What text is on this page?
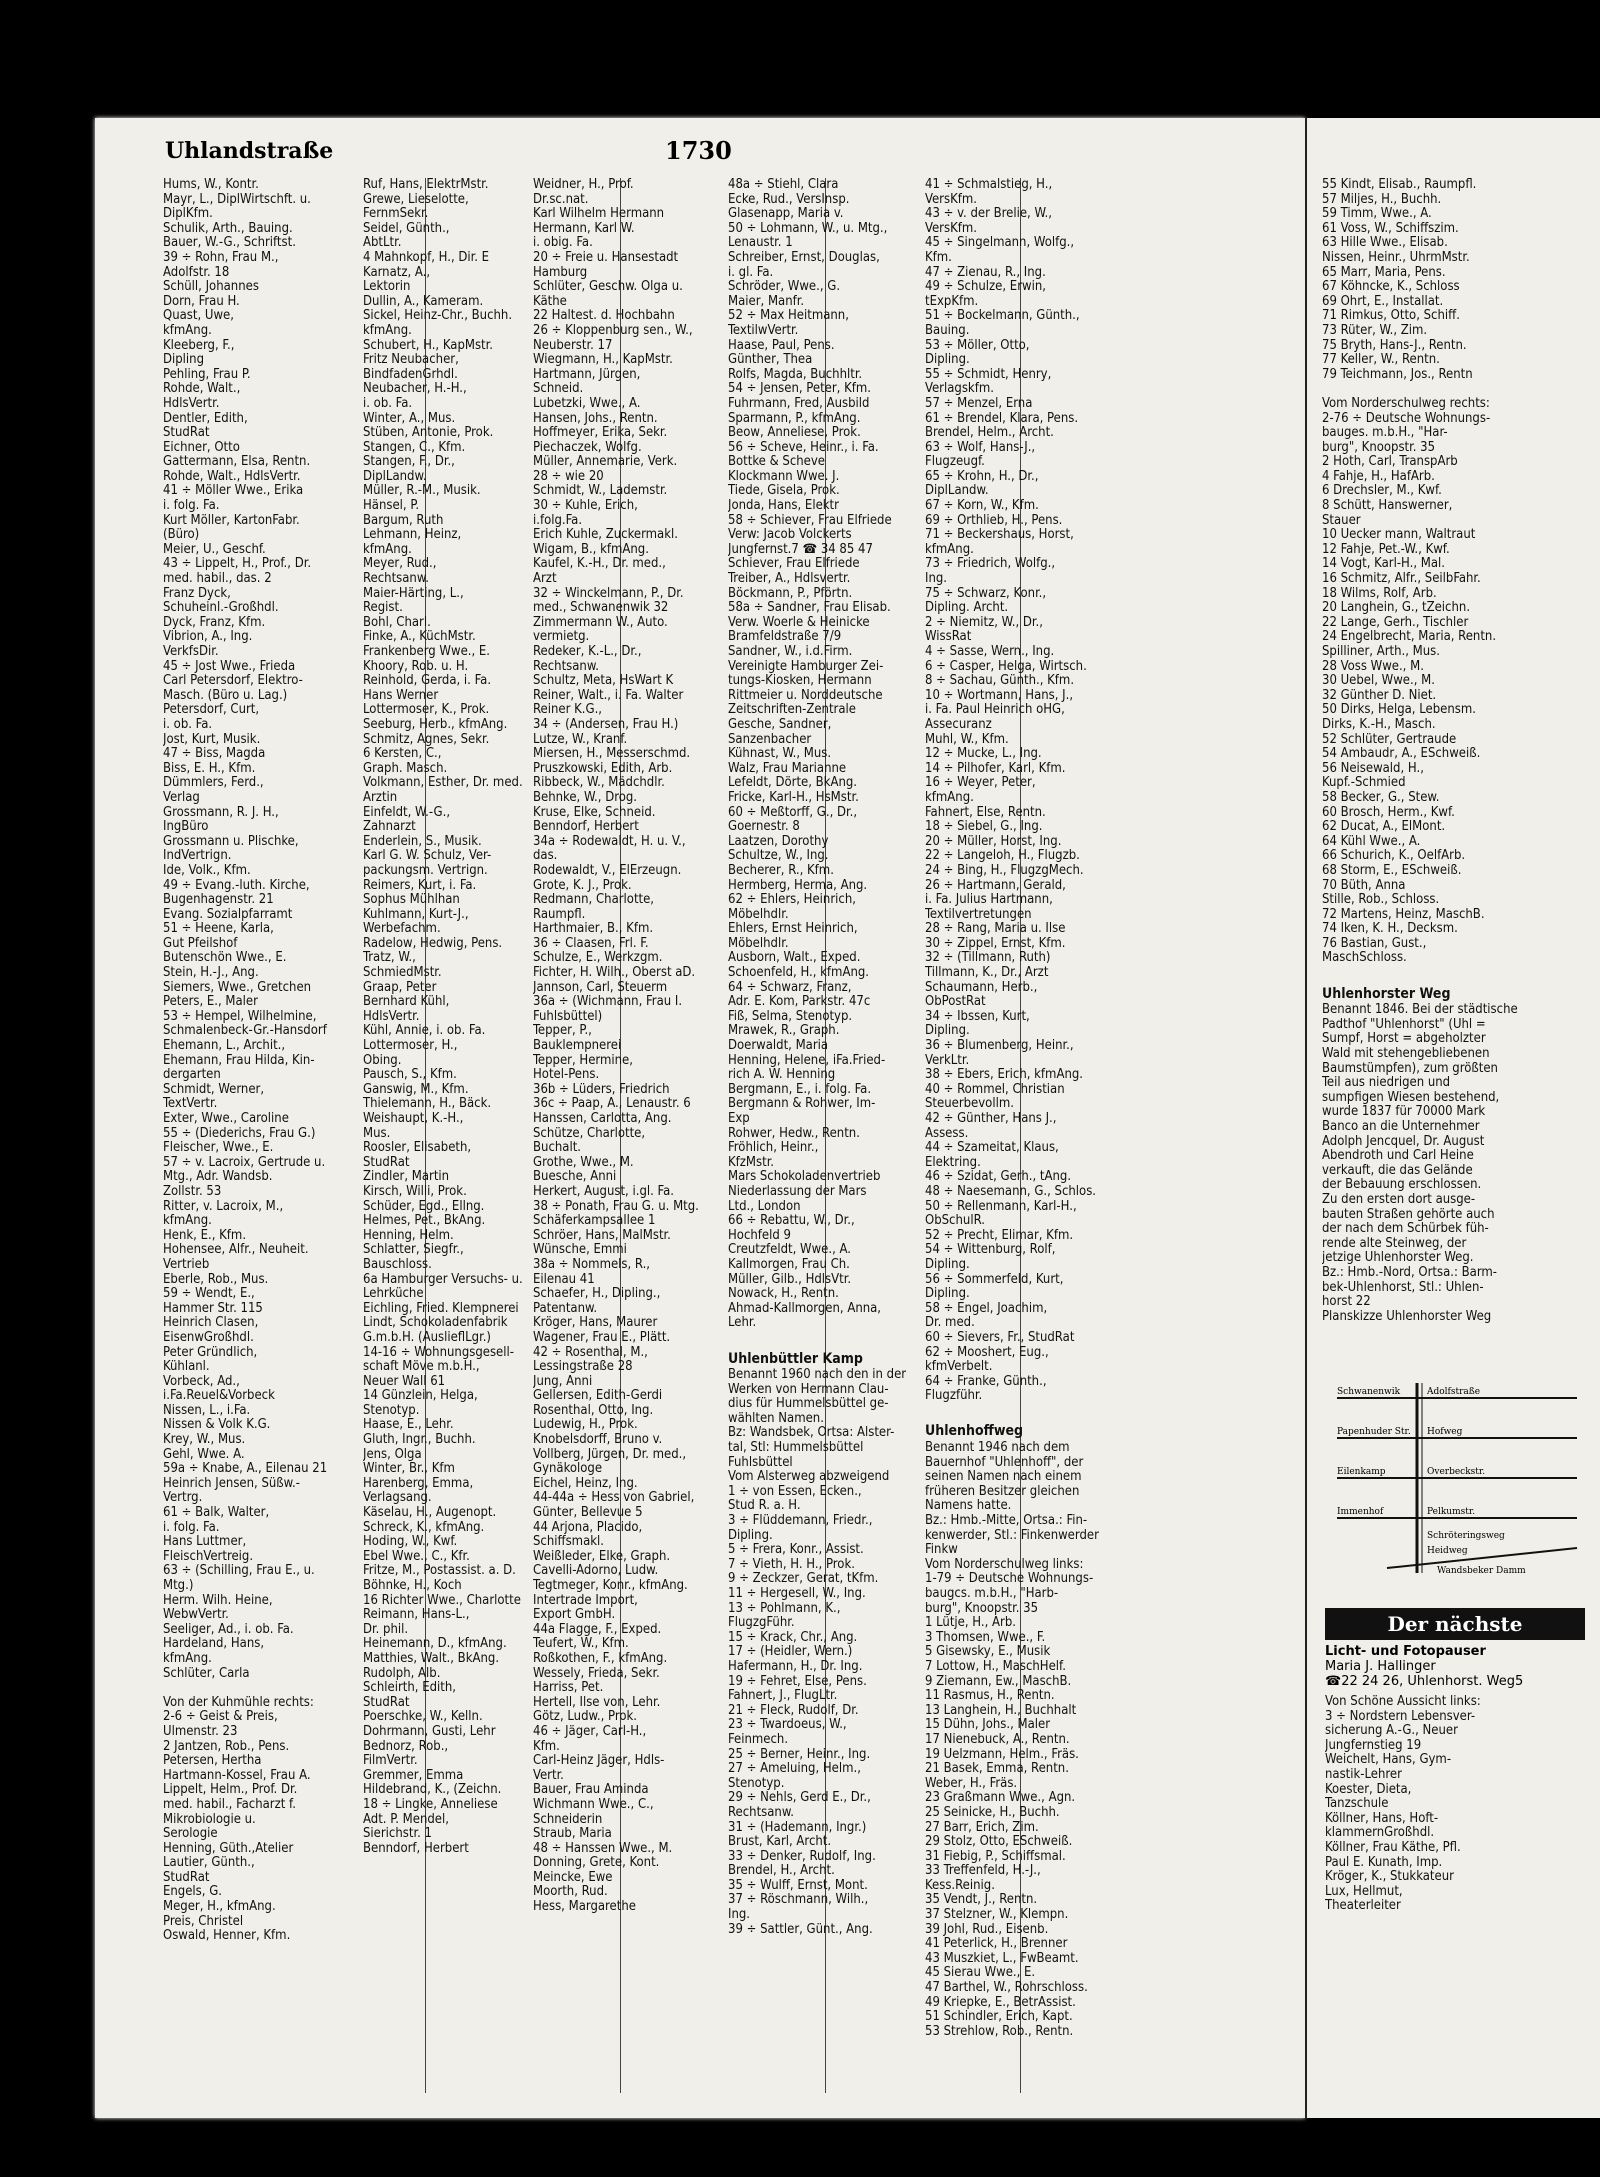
Uhlandstraße	1730
Hums, W., Kontr.
Mayr, L., DiplWirtschft. u.
DiplKfm.
Schulik, Arth., Bauing.
Bauer, W.-G., Schriftst.
39 ÷ Rohn, Frau M.,
Adolfstr. 18
Schüll, Johannes
Dorn, Frau H.
Quast, Uwe,
kfmAng.
Kleeberg, F.,
Dipling
Pehling, Frau P.
Rohde, Walt.,
HdlsVertr.
Dentler, Edith,
StudRat
Eichner, Otto
Gattermann, Elsa, Rentn.
Rohde, Walt., HdlsVertr.
41 ÷ Möller Wwe., Erika
i. folg. Fa.
Kurt Möller, KartonFabr.
(Büro)
Meier, U., Geschf.
43 ÷ Lippelt, H., Prof., Dr.
med. habil., das. 2
Franz Dyck,
Schuheinl.-Großhdl.
Dyck, Franz, Kfm.
Vibrion, A., Ing.
VerkfsDir.
45 ÷ Jost Wwe., Frieda
Carl Petersdorf, Elektro-
Masch. (Büro u. Lag.)
Petersdorf, Curt,
i. ob. Fa.
Jost, Kurt, Musik.
47 ÷ Biss, Magda
Biss, E. H., Kfm.
Dümmlers, Ferd.,
Verlag
Grossmann, R. J. H.,
IngBüro
Grossmann u. Plischke,
IndVertrign.
Ide, Volk., Kfm.
49 ÷ Evang.-luth. Kirche,
Bugenhagenstr. 21
Evang. Sozialpfarramt
51 ÷ Heene, Karla,
Gut Pfeilshof
Butenschön Wwe., E.
Stein, H.-J., Ang.
Siemers, Wwe., Gretchen
Peters, E., Maler
53 ÷ Hempel, Wilhelmine,
Schmalenbeck-Gr.-Hansdorf
Ehemann, L., Archit.,
Ehemann, Frau Hilda, Kin-
dergarten
Schmidt, Werner,
TextVertr.
Exter, Wwe., Caroline
55 ÷ (Diederichs, Frau G.)
Fleischer, Wwe., E.
57 ÷ v. Lacroix, Gertrude u.
Mtg., Adr. Wandsb.
Zollstr. 53
Ritter, v. Lacroix, M.,
kfmAng.
Henk, E., Kfm.
Hohensee, Alfr., Neuheit.
Vertrieb
Eberle, Rob., Mus.
59 ÷ Wendt, E.,
Hammer Str. 115
Heinrich Clasen,
EisenwGroßhdl.
Peter Gründlich,
Kühlanl.
Vorbeck, Ad.,
i.Fa.Reuel&Vorbeck
Nissen, L., i.Fa.
Nissen & Volk K.G.
Krey, W., Mus.
Gehl, Wwe. A.
59a ÷ Knabe, A., Eilenau 21
Heinrich Jensen, Süßw.-
Vertrg.
61 ÷ Balk, Walter,
i. folg. Fa.
Hans Luttmer,
FleischVertreig.
63 ÷ (Schilling, Frau E., u.
Mtg.)
Herm. Wilh. Heine,
WebwVertr.
Seeliger, Ad., i. ob. Fa.
Hardeland, Hans,
kfmAng.
Schlüter, Carla

Von der Kuhmühle rechts:
2-6 ÷ Geist & Preis,
Ulmenstr. 23
2 Jantzen, Rob., Pens.
Petersen, Hertha
Hartmann-Kossel, Frau A.
Lippelt, Helm., Prof. Dr.
med. habil., Facharzt f.
Mikrobiologie u.
Serologie
Henning, Güth.,Atelier
Lautier, Günth.,
StudRat
Engels, G.
Meger, H., kfmAng.
Preis, Christel
Oswald, Henner, Kfm.
Ruf, Hans, ElektrMstr.
Grewe, Lieselotte,
FernmSekr.
Seidel, Günth.,
AbtLtr.
4 Mahnkopf, H., Dir. E
Karnatz, A.,
Lektorin
Dullin, A., Kameram.
Sickel, Heinz-Chr., Buchh.
kfmAng.
Schubert, H., KapMstr.
Fritz Neubacher,
BindfadenGrhdl.
Neubacher, H.-H.,
i. ob. Fa.
Winter, A., Mus.
Stüben, Antonie, Prok.
Stangen, C., Kfm.
Stangen, F., Dr.,
DiplLandw.
Müller, R.-M., Musik.
Hänsel, P.
Bargum, Ruth
Lehmann, Heinz,
kfmAng.
Meyer, Rud.,
Rechtsanw.
Maier-Härting, L.,
Regist.
Bohl, Charl.
Finke, A., KüchMstr.
Frankenberg Wwe., E.
Khoory, Rob. u. H.
Reinhold, Gerda, i. Fa.
Hans Werner
Lottermoser, K., Prok.
Seeburg, Herb., kfmAng.
Schmitz, Agnes, Sekr.
6 Kersten, C.,
Graph. Masch.
Volkmann, Esther, Dr. med.
Ärztin
Einfeldt, W.-G.,
Zahnarzt
Enderlein, S., Musik.
Karl G. W. Schulz, Ver-
packungsm. Vertrign.
Reimers, Kurt, i. Fa.
Sophus Mühlhan
Kuhlmann, Kurt-J.,
Werbefachm.
Radelow, Hedwig, Pens.
Tratz, W.,
SchmiedMstr.
Graap, Peter
Bernhard Kühl,
HdlsVertr.
Kühl, Annie, i. ob. Fa.
Lottermoser, H.,
Obing.
Pausch, S., Kfm.
Ganswig, M., Kfm.
Thielemann, H., Bäck.
Weishaupt, K.-H.,
Mus.
Roosler, Elisabeth,
StudRat
Zindler, Martin
Kirsch, Willi, Prok.
Schüder, Egd., Ellng.
Helmes, Pet., BkAng.
Henning, Helm.
Schlatter, Siegfr.,
Bauschloss.
6a Hamburger Versuchs- u.
Lehrküche
Eichling, Fried. Klempnerei
Lindt, Schokoladenfabrik
G.m.b.H. (AuslieflLgr.)
14-16 ÷ Wohnungsgesell-
schaft Möve m.b.H.,
Neuer Wall 61
14 Günzlein, Helga,
Stenotyp.
Haase, E., Lehr.
Gluth, Ingr., Buchh.
Jens, Olga
Winter, Br., Kfm
Harenberg, Emma,
Verlagsang.
Käselau, H., Augenopt.
Schreck, K., kfmAng.
Hoding, W., Kwf.
Ebel Wwe., C., Kfr.
Fritze, M., Postassist. a. D.
Böhnke, H., Koch
16 Richter Wwe., Charlotte
Reimann, Hans-L.,
Dr. phil.
Heinemann, D., kfmAng.
Matthies, Walt., BkAng.
Rudolph, Alb.
Schleirth, Edith,
StudRat
Poerschke, W., Kelln.
Dohrmann, Gusti, Lehr
Bednorz, Rob.,
FilmVertr.
Gremmer, Emma
Hildebrand, K., (Zeichn.
18 ÷ Lingke, Anneliese
Adt. P. Mendel,
Sierichstr. 1
Benndorf, Herbert
Weidner, H., Prof.
Dr.sc.nat.
Karl Wilhelm Hermann
Hermann, Karl W.
i. obig. Fa.
20 ÷ Freie u. Hansestadt
Hamburg
Schlüter, Geschw. Olga u.
Käthe
22 Haltest. d. Hochbahn
26 ÷ Kloppenburg sen., W.,
Neuberstr. 17
Wiegmann, H., KapMstr.
Hartmann, Jürgen,
Schneid.
Lubetzki, Wwe., A.
Hansen, Johs., Rentn.
Hoffmeyer, Erika, Sekr.
Piechaczek, Wolfg.
Müller, Annemarie, Verk.
28 ÷ wie 20
Schmidt, W., Lademstr.
30 ÷ Kuhle, Erich,
i.folg.Fa.
Erich Kuhle, Zuckermakl.
Wigam, B., kfmAng.
Kaufel, K.-H., Dr. med.,
Arzt
32 ÷ Winckelmann, P., Dr.
med., Schwanenwik 32
Zimmermann W., Auto.
vermietg.
Redeker, K.-L., Dr.,
Rechtsanw.
Schultz, Meta, HsWart K
Reiner, Walt., i. Fa. Walter
Reiner K.G.,
34 ÷ (Andersen, Frau H.)
Lutze, W., Kranf.
Miersen, H., Messerschmd.
Pruszkowski, Edith, Arb.
Ribbeck, W., Mädchdlr.
Behnke, W., Drog.
Kruse, Elke, Schneid.
Benndorf, Herbert
34a ÷ Rodewaldt, H. u. V.,
das.
Rodewaldt, V., ElErzeugn.
Grote, K. J., Prok.
Redmann, Charlotte,
Raumpfl.
Harthmaier, B., Kfm.
36 ÷ Claasen, Frl. F.
Schulze, E., Werkzgm.
Fichter, H. Wilh., Oberst aD.
Jannson, Carl, Steuerm
36a ÷ (Wichmann, Frau I.
Fuhlsbüttel)
Tepper, P.,
Bauklempnerei
Tepper, Hermine,
Hotel-Pens.
36b ÷ Lüders, Friedrich
36c ÷ Paap, A., Lenaustr. 6
Hanssen, Carlotta, Ang.
Schütze, Charlotte,
Buchalt.
Grothe, Wwe., M.
Buesche, Anni
Herkert, August, i.gl. Fa.
38 ÷ Ponath, Frau G. u. Mtg.
Schäferkampsallee 1
Schröer, Hans, MalMstr.
Wünsche, Emmi
38a ÷ Nommels, R.,
Eilenau 41
Schaefer, H., Dipling.,
Patentanw.
Kröger, Hans, Maurer
Wagener, Frau E., Plätt.
42 ÷ Rosenthal, M.,
Lessingstraße 28
Jung, Anni
Gellersen, Edith-Gerdi
Rosenthal, Otto, Ing.
Ludewig, H., Prok.
Knobelsdorff, Bruno v.
Vollberg, Jürgen, Dr. med.,
Gynäkologe
Eichel, Heinz, Ing.
44-44a ÷ Hess von Gabriel,
Günter, Bellevue 5
44 Arjona, Placido,
Schiffsmakl.
Weißleder, Elke, Graph.
Cavelli-Adorno, Ludw.
Tegtmeger, Konr., kfmAng.
Intertrade Import,
Export GmbH.
44a Flagge, F., Exped.
Teufert, W., Kfm.
Roßkothen, F., kfmAng.
Wessely, Frieda, Sekr.
Harriss, Pet.
Hertell, Ilse von, Lehr.
Götz, Ludw., Prok.
46 ÷ Jäger, Carl-H.,
Kfm.
Carl-Heinz Jäger, Hdls-
Vertr.
Bauer, Frau Aminda
Wichmann Wwe., C.,
Schneiderin
Straub, Maria
48 ÷ Hanssen Wwe., M.
Donning, Grete, Kont.
Meincke, Ewe
Moorth, Rud.
Hess, Margarethe
48a ÷ Stiehl, Clara
Ecke, Rud., VersInsp.
Glasenapp, Maria v.
50 ÷ Lohmann, W., u. Mtg.,
Lenaustr. 1
Schreiber, Ernst, Douglas,
i. gl. Fa.
Schröder, Wwe., G.
Maier, Manfr.
52 ÷ Max Heitmann,
TextilwVertr.
Haase, Paul, Pens.
Günther, Thea
Rolfs, Magda, Buchhltr.
54 ÷ Jensen, Peter, Kfm.
Fuhrmann, Fred, Ausbild
Sparmann, P., kfmAng.
Beow, Anneliese, Prok.
56 ÷ Scheve, Heinr., i. Fa.
Bottke & Scheve
Klockmann Wwe. J.
Tiede, Gisela, Prok.
Jonda, Hans, Elektr
58 ÷ Schiever, Frau Elfriede
Verw: Jacob Volckerts
Jungfernst.7 ☎ 34 85 47
Schiever, Frau Elfriede
Treiber, A., Hdlsvertr.
Böckmann, P., Pförtn.
58a ÷ Sandner, Frau Elisab.
Verw. Woerle & Heinicke
Bramfeldstraße 7/9
Sandner, W., i.d.Firm.
Vereinigte Hamburger Zei-
tungs-Kiosken, Hermann
Rittmeier u. Norddeutsche
Zeitschriften-Zentrale
Gesche, Sandner,
Sanzenbacher
Kühnast, W., Mus.
Walz, Frau Marianne
Lefeldt, Dörte, BkAng.
Fricke, Karl-H., HsMstr.
60 ÷ Meßtorff, G., Dr.,
Goernestr. 8
Laatzen, Dorothy
Schultze, W., Ing.
Becherer, R., Kfm.
Hermberg, Herma, Ang.
62 ÷ Ehlers, Heinrich,
Möbelhdlr.
Ehlers, Ernst Heinrich,
Möbelhdlr.
Ausborn, Walt., Exped.
Schoenfeld, H., kfmAng.
64 ÷ Schwarz, Franz,
Adr. E. Kom, Parkstr. 47c
Fiß, Selma, Stenotyp.
Mrawek, R., Graph.
Doerwaldt, Maria
Henning, Helene, iFa.Fried-
rich A. W. Henning
Bergmann, E., i. folg. Fa.
Bergmann & Rohwer, Im-
Exp
Rohwer, Hedw., Rentn.
Fröhlich, Heinr.,
KfzMstr.
Mars Schokoladenvertrieb
Niederlassung der Mars
Ltd., London
66 ÷ Rebattu, W., Dr.,
Hochfeld 9
Creutzfeldt, Wwe., A.
Kallmorgen, Frau Ch.
Müller, Gilb., HdlsVtr.
Nowack, H., Rentn.
Ahmad-Kallmorgen, Anna,
Lehr.

Uhlenbüttler Kamp
Benannt 1960 nach den in der
Werken von Hermann Clau-
dius für Hummelsbüttel ge-
wählten Namen.
Bz: Wandsbek, Ortsa: Alster-
tal, Stl: Hummelsbüttel
Fuhlsbüttel
Vom Alsterweg abzweigend
1 ÷ von Essen, Ecken.,
Stud R. a. H.
3 ÷ Flüddemann, Friedr.,
Dipling.
5 ÷ Frera, Konr., Assist.
7 ÷ Vieth, H. H., Prok.
9 ÷ Zeckzer, Gerat, tKfm.
11 ÷ Hergesell, W., Ing.
13 ÷ Pohlmann, K.,
FlugzgFühr.
15 ÷ Krack, Chr., Ang.
17 ÷ (Heidler, Wern.)
Hafermann, H., Dr. Ing.
19 ÷ Fehret, Else, Pens.
Fahnert, J., FlugLtr.
21 ÷ Fleck, Rudolf, Dr.
23 ÷ Twardoeus, W.,
Feinmech.
25 ÷ Berner, Heinr., Ing.
27 ÷ Ameluing, Helm.,
Stenotyp.
29 ÷ Nehls, Gerd E., Dr.,
Rechtsanw.
31 ÷ (Hademann, Ingr.)
Brust, Karl, Archt.
33 ÷ Denker, Rudolf, Ing.
Brendel, H., Archt.
35 ÷ Wulff, Ernst, Mont.
37 ÷ Röschmann, Wilh.,
Ing.
39 ÷ Sattler, Günt., Ang.
41 ÷ Schmalstieg, H.,
VersKfm.
43 ÷ v. der Brelie, W.,
VersKfm.
45 ÷ Singelmann, Wolfg.,
Kfm.
47 ÷ Zienau, R., Ing.
49 ÷ Schulze, Erwin,
tExpKfm.
51 ÷ Bockelmann, Günth.,
Bauing.
53 ÷ Möller, Otto,
Dipling.
55 ÷ Schmidt, Henry,
Verlagskfm.
57 ÷ Menzel, Erna
61 ÷ Brendel, Klara, Pens.
Brendel, Helm., Archt.
63 ÷ Wolf, Hans-J.,
Flugzeugf.
65 ÷ Krohn, H., Dr.,
DiplLandw.
67 ÷ Korn, W., Kfm.
69 ÷ Orthlieb, H., Pens.
71 ÷ Beckershaus, Horst,
kfmAng.
73 ÷ Friedrich, Wolfg.,
Ing.
75 ÷ Schwarz, Konr.,
Dipling. Archt.
2 ÷ Niemitz, W., Dr.,
WissRat
4 ÷ Sasse, Wern., Ing.
6 ÷ Casper, Helga, Wirtsch.
8 ÷ Sachau, Günth., Kfm.
10 ÷ Wortmann, Hans, J.,
i. Fa. Paul Heinrich oHG,
Assecuranz
Muhl, W., Kfm.
12 ÷ Mucke, L., Ing.
14 ÷ Pilhofer, Karl, Kfm.
16 ÷ Weyer, Peter,
kfmAng.
Fahnert, Else, Rentn.
18 ÷ Siebel, G., Ing.
20 ÷ Müller, Horst, Ing.
22 ÷ Langeloh, H., Flugzb.
24 ÷ Bing, H., FlugzgMech.
26 ÷ Hartmann, Gerald,
i. Fa. Julius Hartmann,
Textilvertretungen
28 ÷ Rang, Maria u. Ilse
30 ÷ Zippel, Ernst, Kfm.
32 ÷ (Tillmann, Ruth)
Tillmann, K., Dr., Arzt
Schaumann, Herb.,
ObPostRat
34 ÷ Ibssen, Kurt,
Dipling.
36 ÷ Blumenberg, Heinr.,
VerkLtr.
38 ÷ Ebers, Erich, kfmAng.
40 ÷ Rommel, Christian
Steuerbevollm.
42 ÷ Günther, Hans J.,
Assess.
44 ÷ Szameitat, Klaus,
Elektring.
46 ÷ Szidat, Gerh., tAng.
48 ÷ Naesemann, G., Schlos.
50 ÷ Rellenmann, Karl-H.,
ObSchulR.
52 ÷ Precht, Elimar, Kfm.
54 ÷ Wittenburg, Rolf,
Dipling.
56 ÷ Sommerfeld, Kurt,
Dipling.
58 ÷ Engel, Joachim,
Dr. med.
60 ÷ Sievers, Fr., StudRat
62 ÷ Mooshert, Eug.,
kfmVerbelt.
64 ÷ Franke, Günth.,
Flugzführ.

Uhlenhoffweg
Benannt 1946 nach dem
Bauernhof "Uhlenhoff", der
seinen Namen nach einem
früheren Besitzer gleichen
Namens hatte.
Bz.: Hmb.-Mitte, Ortsa.: Fin-
kenwerder, Stl.: Finkenwerder
Finkw
Vom Norderschulweg links:
1-79 ÷ Deutsche Wohnungs-
baugcs. m.b.H., "Harb-
burg", Knoopstr. 35
1 Lütje, H., Arb.
3 Thomsen, Wwe., F.
5 Gisewsky, E., Musik
7 Lottow, H., MaschHelf.
9 Ziemann, Ew., MaschB.
11 Rasmus, H., Rentn.
13 Langhein, H., Buchhalt
15 Dühn, Johs., Maler
17 Nienebuck, A., Rentn.
19 Uelzmann, Helm., Fräs.
21 Basek, Emma, Rentn.
Weber, H., Fräs.
23 Graßmann Wwe., Agn.
25 Seinicke, H., Buchh.
27 Barr, Erich, Zim.
29 Stolz, Otto, ESchweiß.
31 Fiebig, P., Schiffsmal.
33 Treffenfeld, H.-J.,
Kess.Reinig.
35 Vendt, J., Rentn.
37 Stelzner, W., Klempn.
39 Johl, Rud., Eisenb.
41 Peterlick, H., Brenner
43 Muszkiet, L., FwBeamt.
45 Sierau Wwe., E.
47 Barthel, W., Rohrschloss.
49 Kriepke, E., BetrAssist.
51 Schindler, Erich, Kapt.
53 Strehlow, Rob., Rentn.
55 Kindt, Elisab., Raumpfl.
57 Miljes, H., Buchh.
59 Timm, Wwe., A.
61 Voss, W., Schiffszim.
63 Hille Wwe., Elisab.
Nissen, Heinr., UhrmMstr.
65 Marr, Maria, Pens.
67 Köhncke, K., Schloss
69 Ohrt, E., Installat.
71 Rimkus, Otto, Schiff.
73 Rüter, W., Zim.
75 Bryth, Hans-J., Rentn.
77 Keller, W., Rentn.
79 Teichmann, Jos., Rentn

Vom Norderschulweg rechts:
2-76 ÷ Deutsche Wohnungs-
bauges. m.b.H., "Har-
burg", Knoopstr. 35
2 Hoth, Carl, TranspArb
4 Fahje, H., HafArb.
6 Drechsler, M., Kwf.
8 Schütt, Hanswerner,
Stauer
10 Uecker mann, Waltraut
12 Fahje, Pet.-W., Kwf.
14 Vogt, Karl-H., Mal.
16 Schmitz, Alfr., SeilbFahr.
18 Wilms, Rolf, Arb.
20 Langhein, G., tZeichn.
22 Lange, Gerh., Tischler
24 Engelbrecht, Maria, Rentn.
Spilliner, Arth., Mus.
28 Voss Wwe., M.
30 Uebel, Wwe., M.
32 Günther D. Niet.
50 Dirks, Helga, Lebensm.
Dirks, K.-H., Masch.
52 Schlüter, Gertraude
54 Ambaudr, A., ESchweiß.
56 Neisewald, H.,
Kupf.-Schmied
58 Becker, G., Stew.
60 Brosch, Herm., Kwf.
62 Ducat, A., ElMont.
64 Kühl Wwe., A.
66 Schurich, K., OelfArb.
68 Storm, E., ESchweiß.
70 Büth, Anna
Stille, Rob., Schloss.
72 Martens, Heinz, MaschB.
74 Iken, K. H., Decksm.
76 Bastian, Gust.,
MaschSchloss.

Uhlenhorster Weg
Benannt 1846. Bei der städtische
Padthof "Uhlenhorst" (Uhl =
Sumpf, Horst = abgeholzter
Wald mit stehengebliebenen
Baumstümpfen), zum größten
Teil aus niedrigen und
sumpfigen Wiesen bestehend,
wurde 1837 für 70000 Mark
Banco an die Unternehmer
Adolph Jencquel, Dr. August
Abendroth und Carl Heine
verkauft, die das Gelände
der Bebauung erschlossen.
Zu den ersten dort ausge-
bauten Straßen gehörte auch
der nach dem Schürbek füh-
rende alte Steinweg, der
jetzige Uhlenhorster Weg.
Bz.: Hmb.-Nord, Ortsa.: Barm-
bek-Uhlenhorst, Stl.: Uhlen-
horst 22
Planskizze Uhlenhorster Weg
Schwanenwik	Adolfstraße
Papenhuder Str. Hofweg
Eilenkamp	Overbeckstr.
Immenhof	Pelkumstr.
Schröteringsweg
Heidweg
Wandsbeker Damm
Der nächste
Licht- und Fotopauser
Maria J. Hallinger
☎22 24 26, Uhlenhorst. Weg5
Von Schöne Aussicht links:
3 ÷ Nordstern Lebensver-
sicherung A.-G., Neuer
Jungfernstieg 19
Weichelt, Hans, Gym-
nastik-Lehrer
Koester, Dieta,
Tanzschule
Köllner, Hans, Hoft-
klammernGroßhdl.
Köllner, Frau Käthe, Pfl.
Paul E. Kunath, Imp.
Kröger, K., Stukkateur
Lux, Hellmut,
Theaterleiter
